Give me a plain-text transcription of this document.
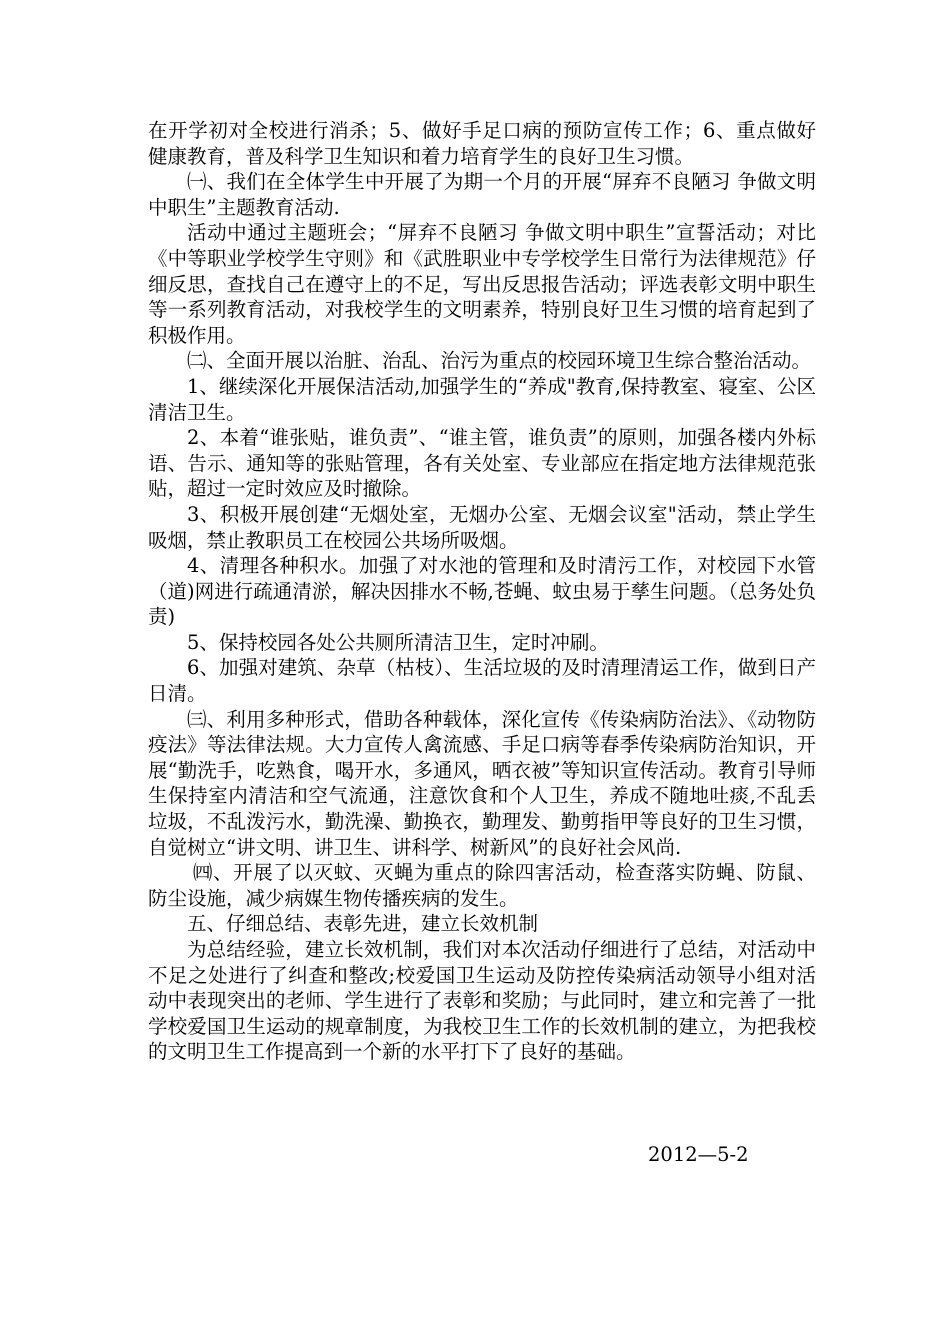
在开学初对全校进行消杀；5、做好手足口病的预防宣传工作；6、重点做好健康教育，普及科学卫生知识和着力培育学生的良好卫生习惯。

㈠、我们在全体学生中开展了为期一个月的开展“屏弃不良陋习 争做文明中职生”主题教育活动.

活动中通过主题班会；“屏弃不良陋习 争做文明中职生”宣誓活动；对比《中等职业学校学生守则》和《武胜职业中专学校学生日常行为法律规范》仔细反思，查找自己在遵守上的不足，写出反思报告活动；评选表彰文明中职生等一系列教育活动，对我校学生的文明素养，特别良好卫生习惯的培育起到了积极作用。

㈡、全面开展以治脏、治乱、治污为重点的校园环境卫生综合整治活动。

1、继续深化开展保洁活动,加强学生的“养成"教育,保持教室、寝室、公区清洁卫生。

2、本着“谁张贴，谁负责”、“谁主管，谁负责”的原则，加强各楼内外标语、告示、通知等的张贴管理，各有关处室、专业部应在指定地方法律规范张贴，超过一定时效应及时撤除。

3、积极开展创建“无烟处室，无烟办公室、无烟会议室"活动，禁止学生吸烟，禁止教职员工在校园公共场所吸烟。

4、清理各种积水。加强了对水池的管理和及时清污工作，对校园下水管（道)网进行疏通清淤，解决因排水不畅,苍蝇、蚊虫易于孳生问题。（总务处负责)

5、保持校园各处公共厕所清洁卫生，定时冲刷。

6、加强对建筑、杂草（枯枝）、生活垃圾的及时清理清运工作，做到日产日清。

㈢、利用多种形式，借助各种载体，深化宣传《传染病防治法》、《动物防疫法》等法律法规。大力宣传人禽流感、手足口病等春季传染病防治知识，开展“勤洗手，吃熟食，喝开水，多通风，晒衣被”等知识宣传活动。教育引导师生保持室内清洁和空气流通，注意饮食和个人卫生，养成不随地吐痰,不乱丢垃圾，不乱泼污水，勤洗澡、勤换衣，勤理发、勤剪指甲等良好的卫生习惯，自觉树立“讲文明、讲卫生、讲科学、树新风”的良好社会风尚.

㈣、开展了以灭蚊、灭蝇为重点的除四害活动，检查落实防蝇、防鼠、防尘设施，减少病媒生物传播疾病的发生。

五、仔细总结、表彰先进，建立长效机制

为总结经验，建立长效机制，我们对本次活动仔细进行了总结，对活动中不足之处进行了纠查和整改;校爱国卫生运动及防控传染病活动领导小组对活动中表现突出的老师、学生进行了表彰和奖励；与此同时，建立和完善了一批学校爱国卫生运动的规章制度，为我校卫生工作的长效机制的建立，为把我校的文明卫生工作提高到一个新的水平打下了良好的基础。

2012—5-2
